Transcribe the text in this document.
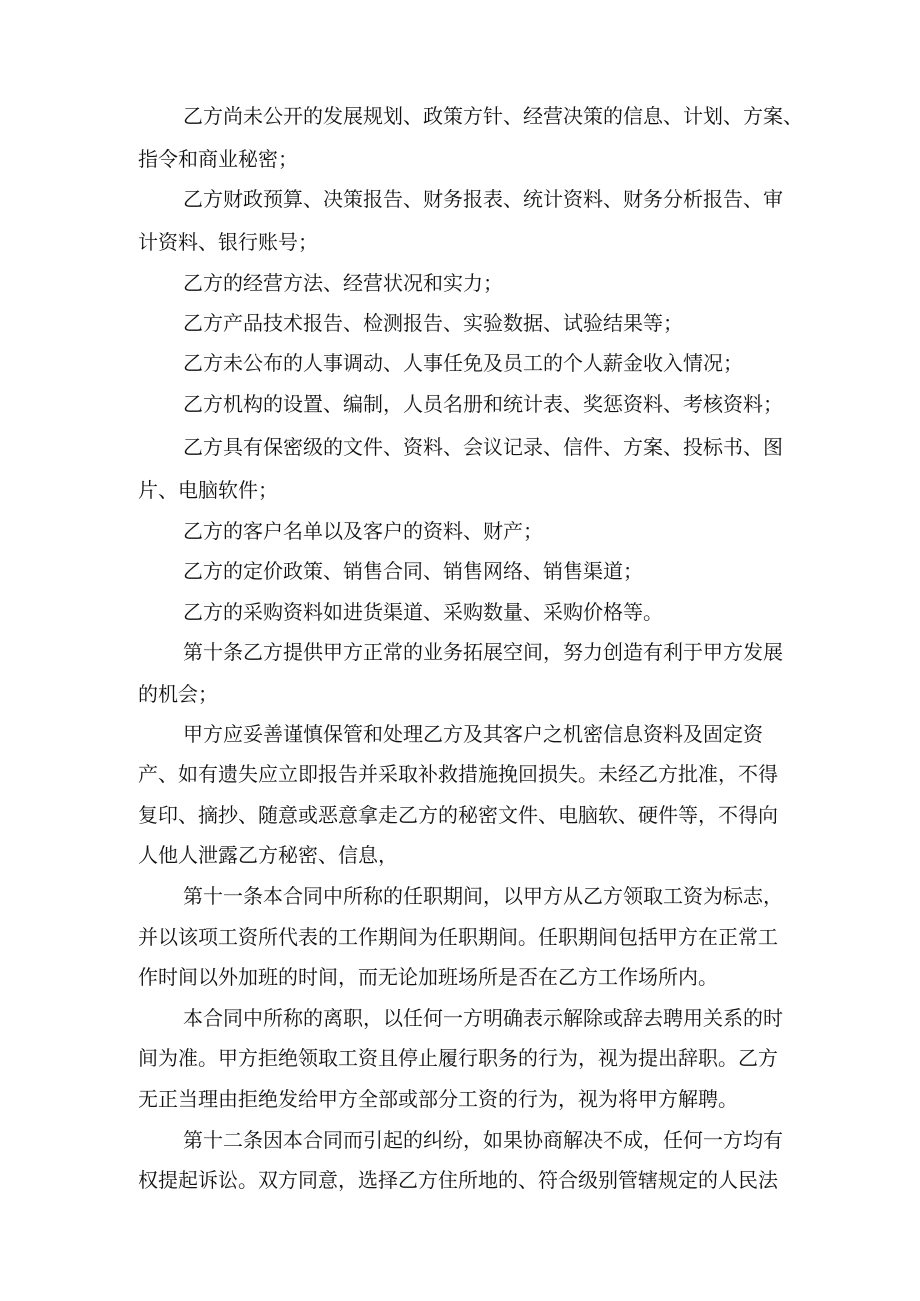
乙方尚未公开的发展规划、政策方针、经营决策的信息、计划、方案、
指令和商业秘密；
乙方财政预算、决策报告、财务报表、统计资料、财务分析报告、审
计资料、银行账号；
乙方的经营方法、经营状况和实力；
乙方产品技术报告、检测报告、实验数据、试验结果等；
乙方未公布的人事调动、人事任免及员工的个人薪金收入情况；
乙方机构的设置、编制，人员名册和统计表、奖惩资料、考核资料；
乙方具有保密级的文件、资料、会议记录、信件、方案、投标书、图
片、电脑软件；
乙方的客户名单以及客户的资料、财产；
乙方的定价政策、销售合同、销售网络、销售渠道；
乙方的采购资料如进货渠道、采购数量、采购价格等。
第十条乙方提供甲方正常的业务拓展空间，努力创造有利于甲方发展
的机会；
甲方应妥善谨慎保管和处理乙方及其客户之机密信息资料及固定资
产、如有遗失应立即报告并采取补救措施挽回损失。未经乙方批准，不得
复印、摘抄、随意或恶意拿走乙方的秘密文件、电脑软、硬件等，不得向
人他人泄露乙方秘密、信息，
第十一条本合同中所称的任职期间，以甲方从乙方领取工资为标志，
并以该项工资所代表的工作期间为任职期间。任职期间包括甲方在正常工
作时间以外加班的时间，而无论加班场所是否在乙方工作场所内。
本合同中所称的离职，以任何一方明确表示解除或辞去聘用关系的时
间为准。甲方拒绝领取工资且停止履行职务的行为，视为提出辞职。乙方
无正当理由拒绝发给甲方全部或部分工资的行为，视为将甲方解聘。
第十二条因本合同而引起的纠纷，如果协商解决不成，任何一方均有
权提起诉讼。双方同意，选择乙方住所地的、符合级别管辖规定的人民法
